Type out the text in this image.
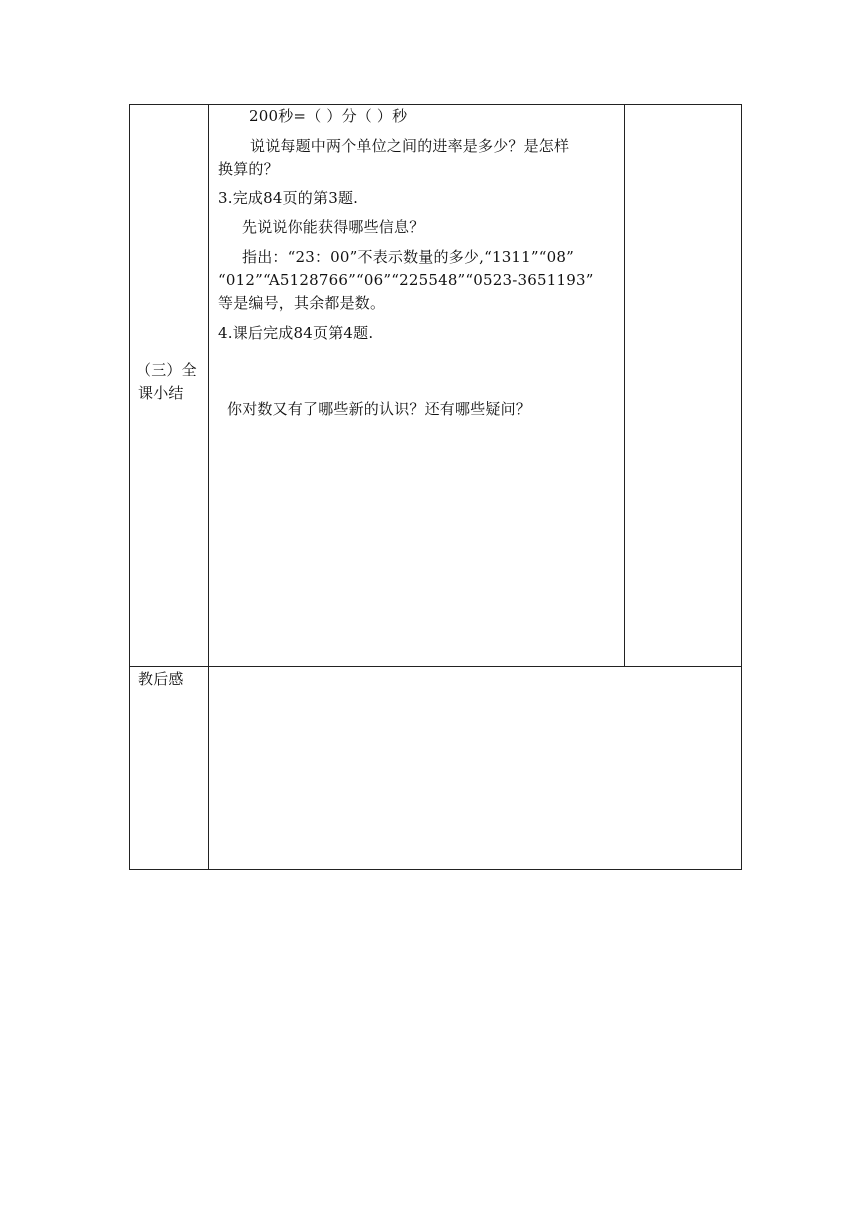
（三）全
课小结
200秒=（ ）分（ ）秒
说说每题中两个单位之间的进率是多少？是怎样
换算的？
3.完成84页的第3题.
先说说你能获得哪些信息？
指出：“23：00”不表示数量的多少,“1311”“08”
“012”“A5128766”“06”“225548”“0523-3651193”
等是编号，其余都是数。
4.课后完成84页第4题.
你对数又有了哪些新的认识？还有哪些疑问？
教后感
